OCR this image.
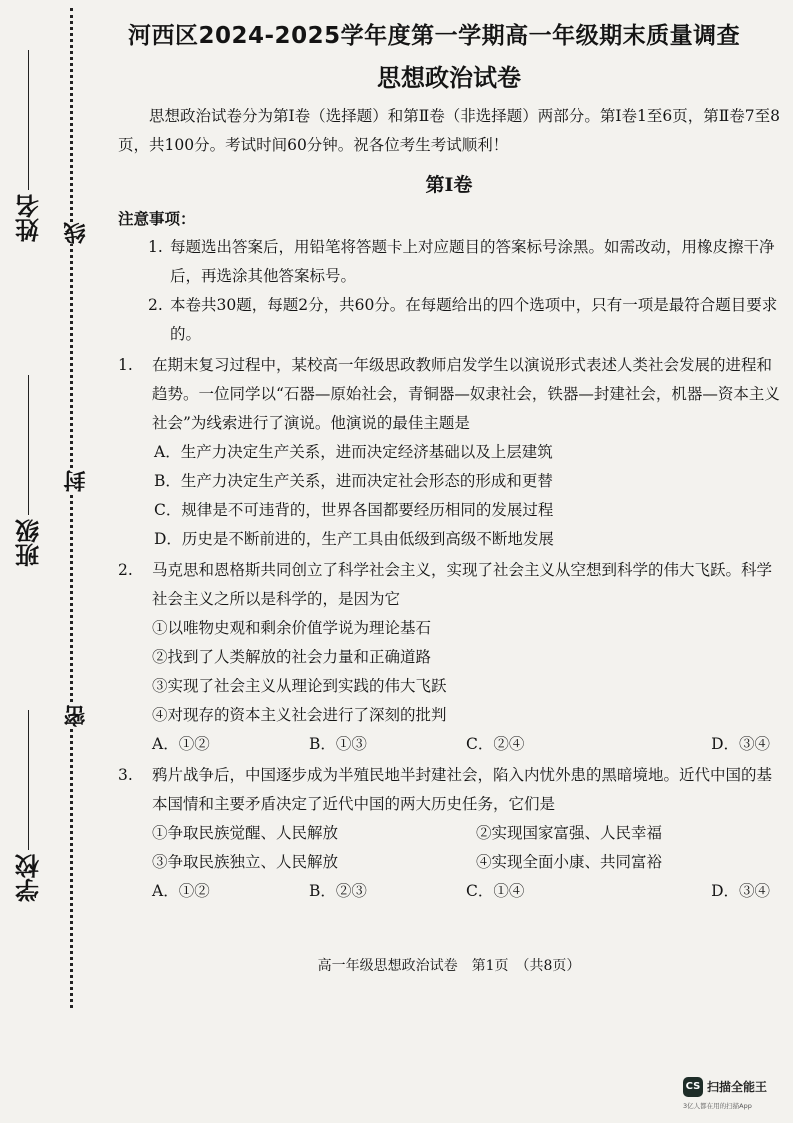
线
封
密
姓名
班级
学校
河西区2024-2025学年度第一学期高一年级期末质量调查
思想政治试卷

思想政治试卷分为第Ⅰ卷（选择题）和第Ⅱ卷（非选择题）两部分。第Ⅰ卷1至6页，第Ⅱ卷7至8页，共100分。考试时间60分钟。祝各位考生考试顺利！

第Ⅰ卷
注意事项：
1. 每题选出答案后，用铅笔将答题卡上对应题目的答案标号涂黑。如需改动，用橡皮擦干净后，再选涂其他答案标号。
2. 本卷共30题，每题2分，共60分。在每题给出的四个选项中，只有一项是最符合题目要求的。
1.	在期末复习过程中，某校高一年级思政教师启发学生以演说形式表述人类社会发展的进程和趋势。一位同学以“石器—原始社会，青铜器—奴隶社会，铁器—封建社会，机器—资本主义社会”为线索进行了演说。他演说的最佳主题是
A．生产力决定生产关系，进而决定经济基础以及上层建筑
B．生产力决定生产关系，进而决定社会形态的形成和更替
C．规律是不可违背的，世界各国都要经历相同的发展过程
D．历史是不断前进的，生产工具由低级到高级不断地发展
2.	马克思和恩格斯共同创立了科学社会主义，实现了社会主义从空想到科学的伟大飞跃。科学社会主义之所以是科学的，是因为它
①以唯物史观和剩余价值学说为理论基石
②找到了人类解放的社会力量和正确道路
③实现了社会主义从理论到实践的伟大飞跃
④对现存的资本主义社会进行了深刻的批判
A．①②	B．①③	C．②④	D．③④
3.	鸦片战争后，中国逐步成为半殖民地半封建社会，陷入内忧外患的黑暗境地。近代中国的基本国情和主要矛盾决定了近代中国的两大历史任务，它们是
①争取民族觉醒、人民解放	②实现国家富强、人民幸福
③争取民族独立、人民解放	④实现全面小康、共同富裕
A．①②	B．②③	C．①④	D．③④
高一年级思想政治试卷　第1页　（共8页）
CS 扫描全能王
3亿人都在用的扫描App
